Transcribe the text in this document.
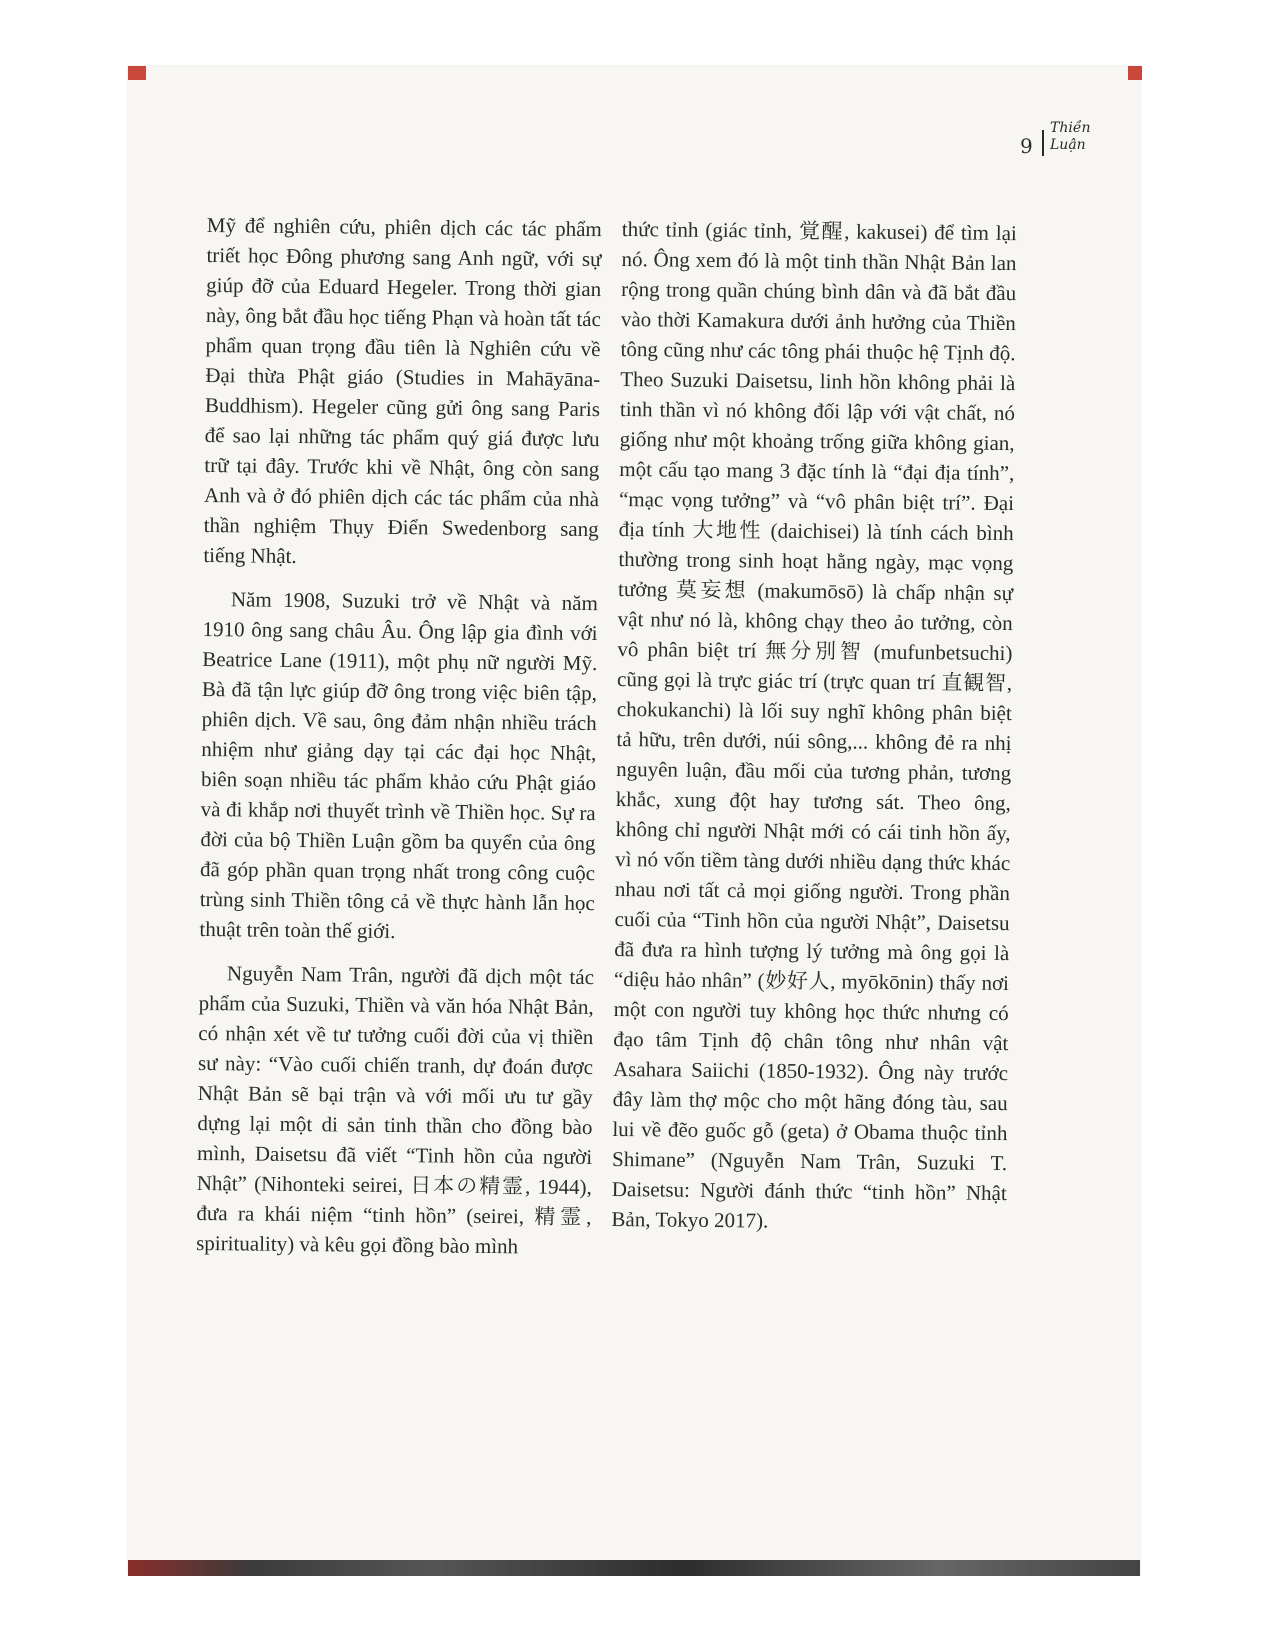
9
Thiền Luận

Mỹ để nghiên cứu, phiên dịch các tác phẩm triết học Đông phương sang Anh ngữ, với sự giúp đỡ của Eduard Hegeler. Trong thời gian này, ông bắt đầu học tiếng Phạn và hoàn tất tác phẩm quan trọng đầu tiên là Nghiên cứu về Đại thừa Phật giáo (Studies in Mahāyāna-Buddhism). Hegeler cũng gửi ông sang Paris để sao lại những tác phẩm quý giá được lưu trữ tại đây. Trước khi về Nhật, ông còn sang Anh và ở đó phiên dịch các tác phẩm của nhà thần nghiệm Thụy Điển Swedenborg sang tiếng Nhật.

Năm 1908, Suzuki trở về Nhật và năm 1910 ông sang châu Âu. Ông lập gia đình với Beatrice Lane (1911), một phụ nữ người Mỹ. Bà đã tận lực giúp đỡ ông trong việc biên tập, phiên dịch. Về sau, ông đảm nhận nhiều trách nhiệm như giảng dạy tại các đại học Nhật, biên soạn nhiều tác phẩm khảo cứu Phật giáo và đi khắp nơi thuyết trình về Thiền học. Sự ra đời của bộ Thiền Luận gồm ba quyển của ông đã góp phần quan trọng nhất trong công cuộc trùng sinh Thiền tông cả về thực hành lẫn học thuật trên toàn thế giới.

Nguyễn Nam Trân, người đã dịch một tác phẩm của Suzuki, Thiền và văn hóa Nhật Bản, có nhận xét về tư tưởng cuối đời của vị thiền sư này: “Vào cuối chiến tranh, dự đoán được Nhật Bản sẽ bại trận và với mối ưu tư gầy dựng lại một di sản tinh thần cho đồng bào mình, Daisetsu đã viết “Tinh hồn của người Nhật” (Nihonteki seirei, 日本の精霊, 1944), đưa ra khái niệm “tinh hồn” (seirei, 精霊, spirituality) và kêu gọi đồng bào mình

thức tỉnh (giác tỉnh, 覚醒, kakusei) để tìm lại nó. Ông xem đó là một tinh thần Nhật Bản lan rộng trong quần chúng bình dân và đã bắt đầu vào thời Kamakura dưới ảnh hưởng của Thiền tông cũng như các tông phái thuộc hệ Tịnh độ. Theo Suzuki Daisetsu, linh hồn không phải là tinh thần vì nó không đối lập với vật chất, nó giống như một khoảng trống giữa không gian, một cấu tạo mang 3 đặc tính là “đại địa tính”, “mạc vọng tưởng” và “vô phân biệt trí”. Đại địa tính 大地性 (daichisei) là tính cách bình thường trong sinh hoạt hằng ngày, mạc vọng tưởng 莫妄想 (makumōsō) là chấp nhận sự vật như nó là, không chạy theo ảo tưởng, còn vô phân biệt trí 無分別智 (mufunbetsuchi) cũng gọi là trực giác trí (trực quan trí 直観智, chokukanchi) là lối suy nghĩ không phân biệt tả hữu, trên dưới, núi sông,... không đẻ ra nhị nguyên luận, đầu mối của tương phản, tương khắc, xung đột hay tương sát. Theo ông, không chỉ người Nhật mới có cái tinh hồn ấy, vì nó vốn tiềm tàng dưới nhiều dạng thức khác nhau nơi tất cả mọi giống người. Trong phần cuối của “Tinh hồn của người Nhật”, Daisetsu đã đưa ra hình tượng lý tưởng mà ông gọi là “diệu hảo nhân” (妙好人, myōkōnin) thấy nơi một con người tuy không học thức nhưng có đạo tâm Tịnh độ chân tông như nhân vật Asahara Saiichi (1850-1932). Ông này trước đây làm thợ mộc cho một hãng đóng tàu, sau lui về đẽo guốc gỗ (geta) ở Obama thuộc tỉnh Shimane” (Nguyễn Nam Trân, Suzuki T. Daisetsu: Người đánh thức “tinh hồn” Nhật Bản, Tokyo 2017).
